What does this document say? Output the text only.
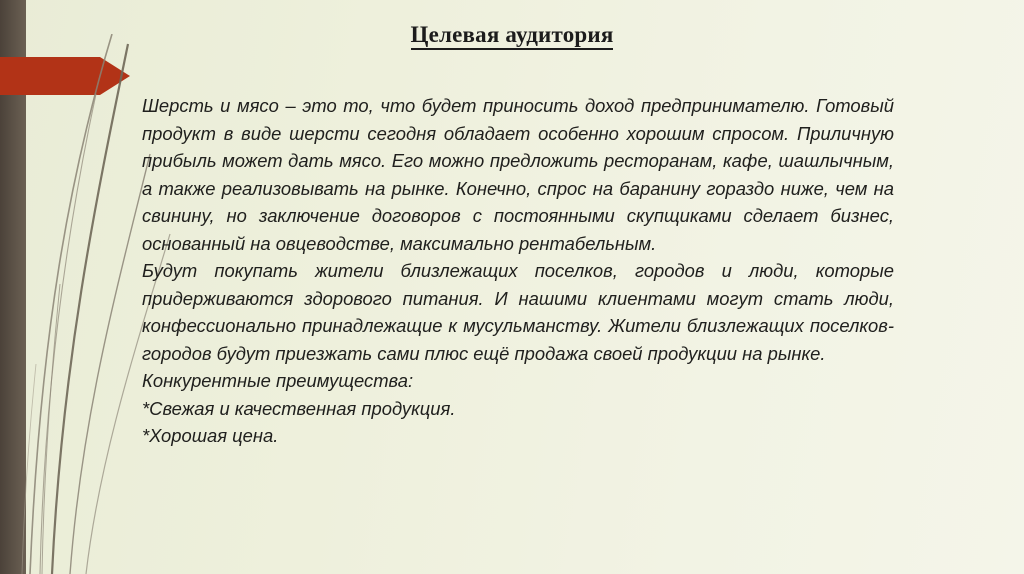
Целевая аудитория

Шерсть и мясо – это то, что будет приносить доход предпринимателю. Готовый продукт в виде шерсти сегодня обладает особенно хорошим спросом. Приличную прибыль может дать мясо. Его можно предложить ресторанам, кафе, шашлычным, а также реализовывать на рынке. Конечно, спрос на баранину гораздо ниже, чем на свинину, но заключение договоров с постоянными скупщиками сделает бизнес, основанный на овцеводстве, максимально рентабельным.

Будут покупать жители близлежащих поселков, городов и люди, которые придерживаются здорового питания. И нашими клиентами могут стать люди, конфессионально принадлежащие к мусульманству. Жители близлежащих поселков-городов будут приезжать сами плюс ещё продажа своей продукции на рынке.

Конкурентные преимущества:

*Свежая и качественная продукция.

*Хорошая цена.
